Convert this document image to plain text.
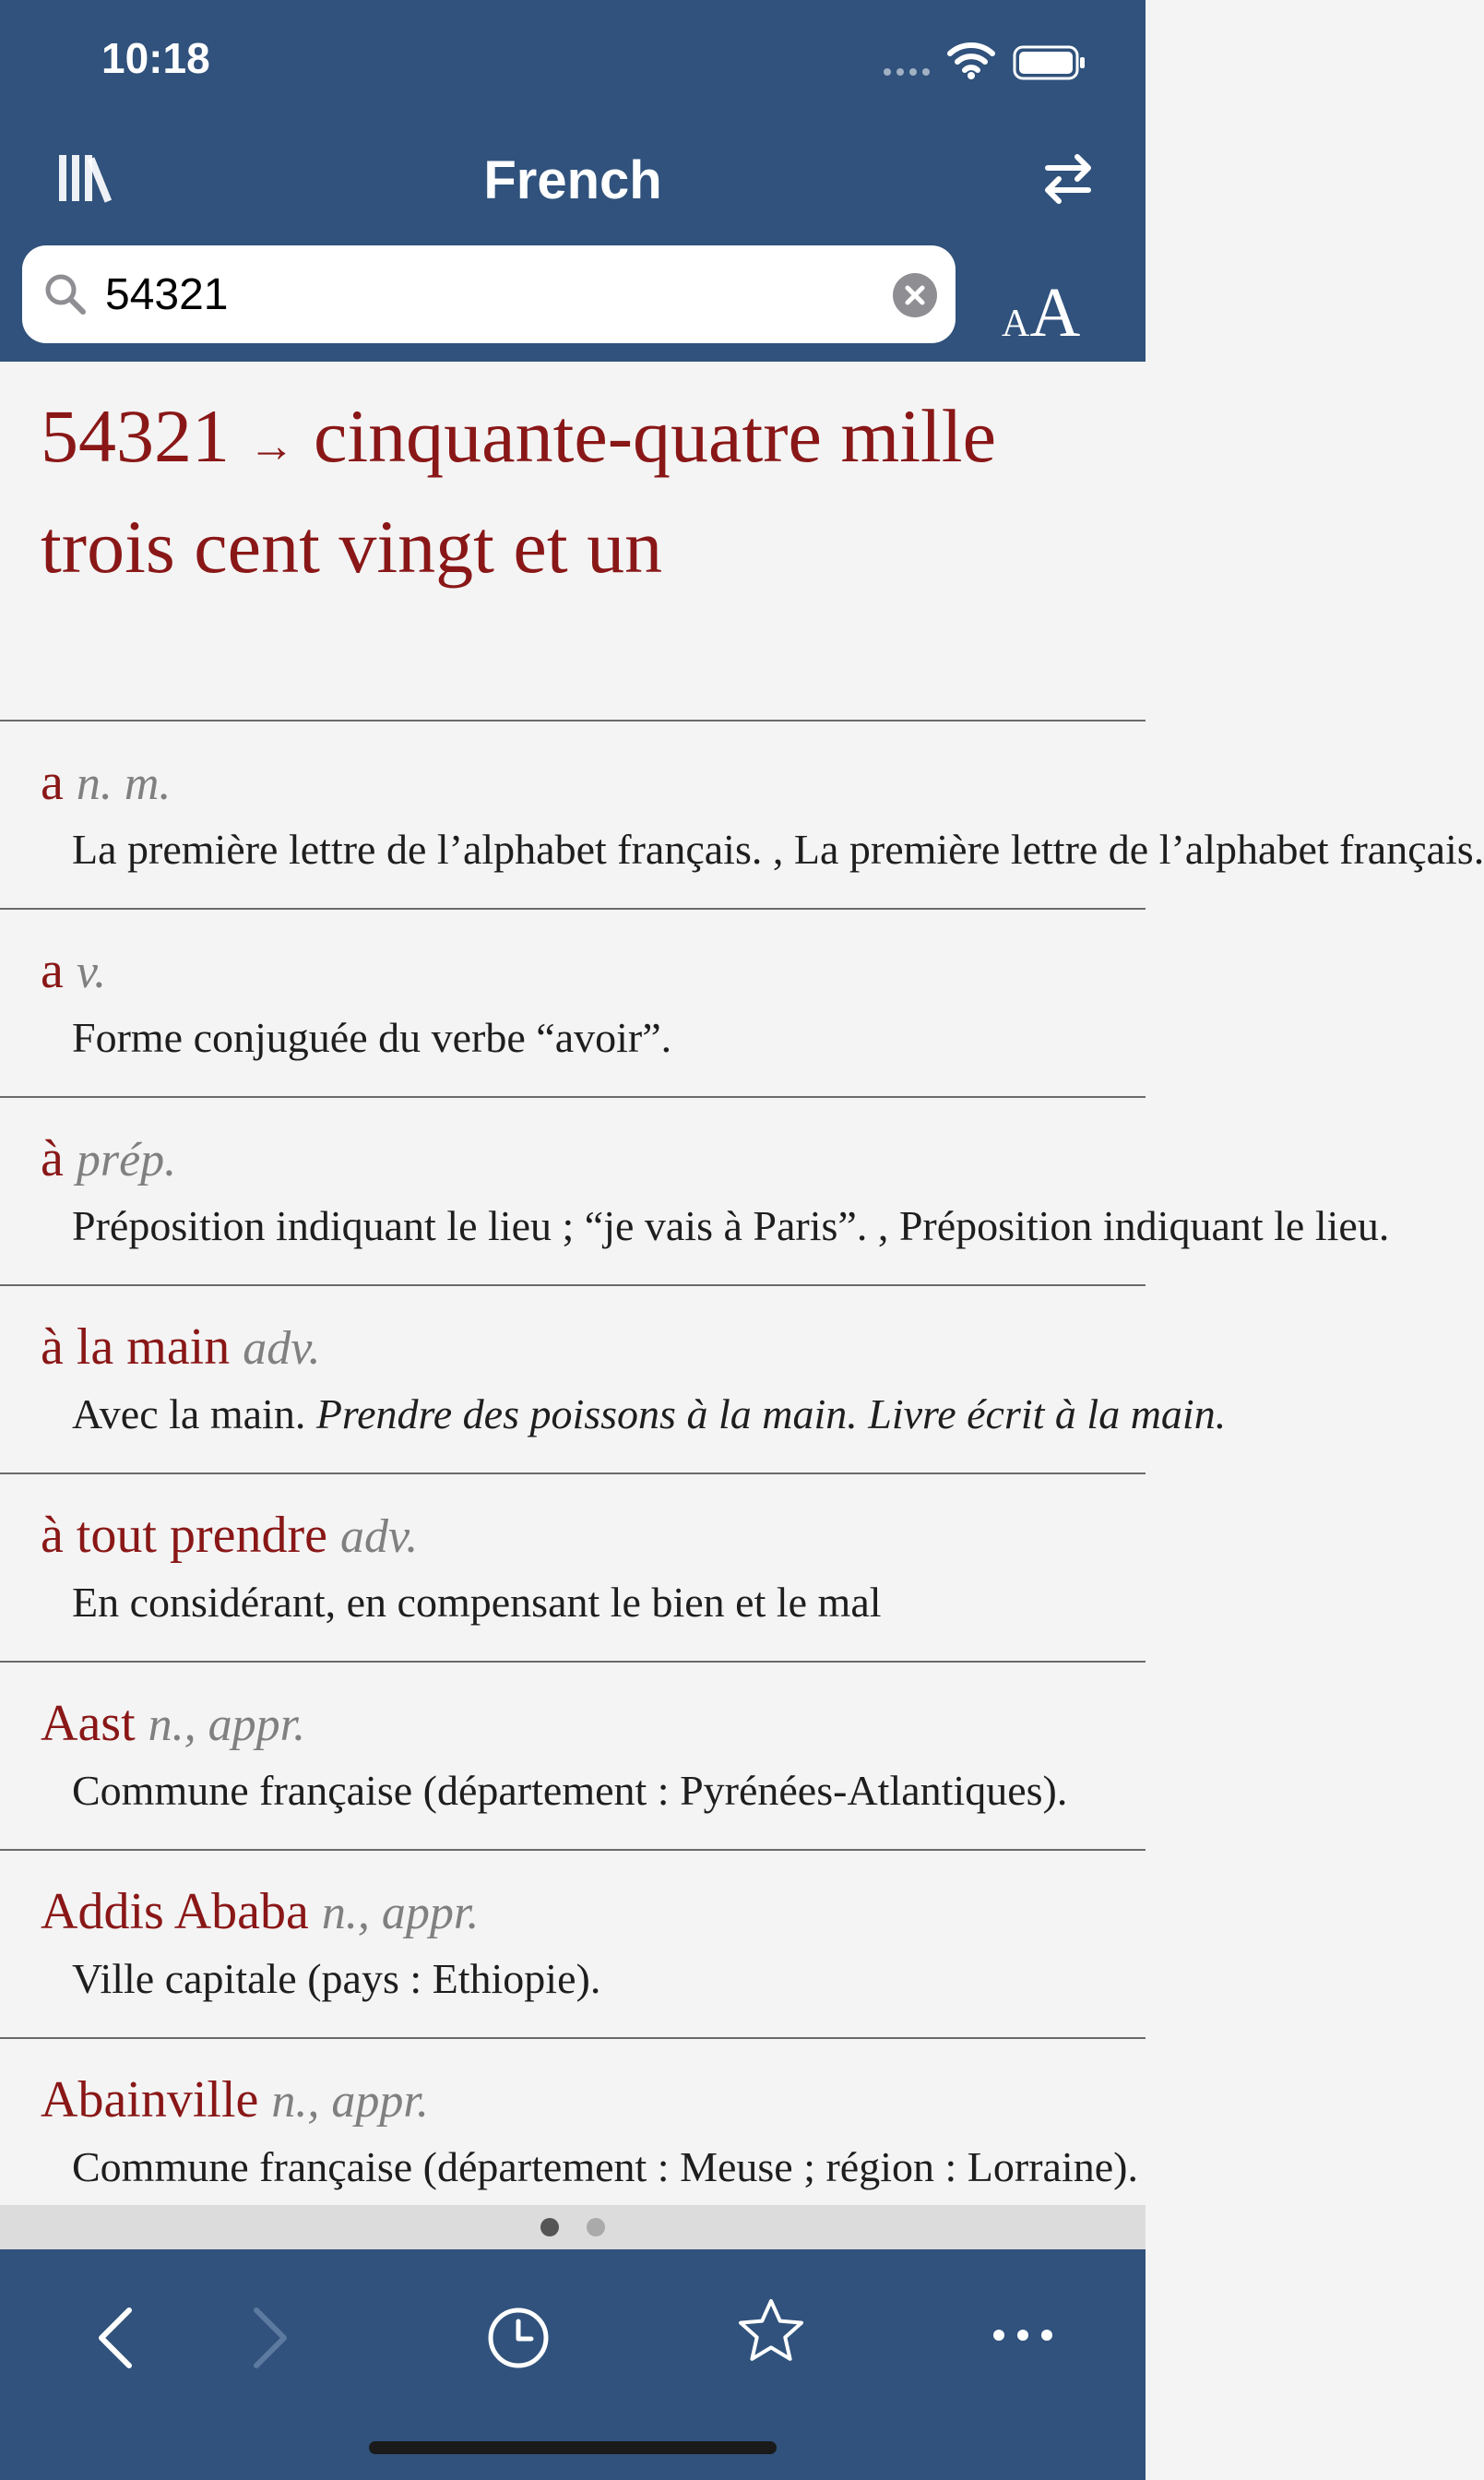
10:18
French
54321
AA
54321 → cinquante-quatre mille trois cent vingt et un
a n. m.
La première lettre de l’alphabet français. , La première lettre de l’alphabet français.
a v.
Forme conjuguée du verbe “avoir”.
à prép.
Préposition indiquant le lieu ; “je vais à Paris”. , Préposition indiquant le lieu.
à la main adv.
Avec la main. Prendre des poissons à la main. Livre écrit à la main.
à tout prendre adv.
En considérant, en compensant le bien et le mal
Aast n., appr.
Commune française (département : Pyrénées-Atlantiques).
Addis Ababa n., appr.
Ville capitale (pays : Ethiopie).
Abainville n., appr.
Commune française (département : Meuse ; région : Lorraine).
